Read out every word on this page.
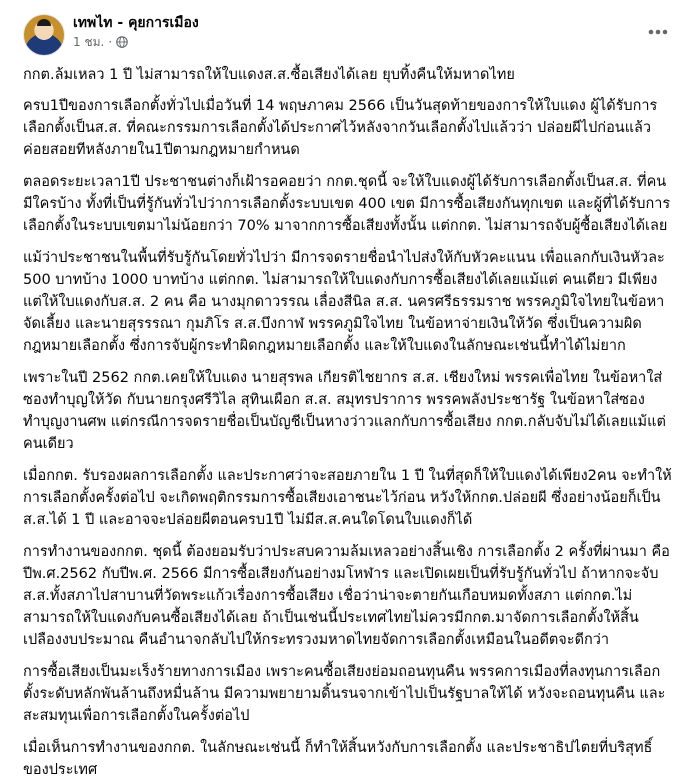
เทพไท - คุยการเมือง
1 ชม. ·

กกต.ล้มเหลว 1 ปี ไม่สามารถให้ใบแดงส.ส.ซื้อเสียงได้เลย ยุบทิ้งคืนให้มหาดไทย

ครบ1ปีของการเลือกตั้งทั่วไปเมื่อวันที่ 14 พฤษภาคม 2566 เป็นวันสุดท้ายของการให้ใบแดง ผู้ได้รับการเลือกตั้งเป็นส.ส. ที่คณะกรรมการเลือกตั้งได้ประกาศไว้หลังจากวันเลือกตั้งไปแล้วว่า ปล่อยผีไปก่อนแล้ว ค่อยสอยทีหลังภายใน1ปีตามกฎหมายกำหนด

ตลอดระยะเวลา1ปี ประชาชนต่างก็เฝ้ารอคอยว่า กกต.ชุดนี้ จะให้ใบแดงผู้ได้รับการเลือกตั้งเป็นส.ส. ที่คน มีใครบ้าง ทั้งที่เป็นที่รู้กันทั่วไปว่าการเลือกตั้งระบบเขต 400 เขต มีการซื้อเสียงกันทุกเขต และผู้ที่ได้รับการเลือกตั้งในระบบเขตมาไม่น้อยกว่า 70% มาจากการซื้อเสียงทั้งนั้น แต่กกต. ไม่สามารถจับผู้ซื้อเสียงได้เลย

แม้ว่าประชาชนในพื้นที่รับรู้กันโดยทั่วไปว่า มีการจดรายชื่อนำไปส่งให้กับหัวคะแนน เพื่อแลกกับเงินหัวละ 500 บาทบ้าง 1000 บาทบ้าง แต่กกต. ไม่สามารถให้ใบแดงกับการซื้อเสียงได้เลยแม้แต่ คนเดียว มีเพียงแต่ให้ใบแดงกับส.ส. 2 คน คือ นางมุกดาวรรณ เลื่องสีนิล ส.ส. นครศรีธรรมราช พรรคภูมิใจไทยในข้อหาจัดเลี้ยง และนายสุรรรณา กุมภิโร ส.ส.บึงกาฬ พรรคภูมิใจไทย ในข้อหาจ่ายเงินให้วัด ซึ่งเป็นความผิดกฎหมายเลือกตั้ง ซึ่งการจับผู้กระทำผิดกฎหมายเลือกตั้ง และให้ใบแดงในลักษณะเช่นนี้ทำได้ไม่ยาก

เพราะในปี 2562 กกต.เคยให้ใบแดง นายสุรพล เกียรติไชยากร ส.ส. เชียงใหม่ พรรคเพื่อไทย ในข้อหาใส่ซองทำบุญให้วัด กับนายกรุงศรีวิไล สุทินเผือก ส.ส. สมุทรปราการ พรรคพลังประชารัฐ ในข้อหาใส่ซองทำบุญงานศพ แต่กรณีการจดรายชื่อเป็นบัญชีเป็นหางว่าวแลกกับการซื้อเสียง กกต.กลับจับไม่ได้เลยแม้แต่คนเดียว

เมื่อกกต. รับรองผลการเลือกตั้ง และประกาศว่าจะสอยภายใน 1 ปี ในที่สุดก็ให้ใบแดงได้เพียง2คน จะทำให้การเลือกตั้งครั้งต่อไป จะเกิดพฤติกรรมการซื้อเสียงเอาชนะไว้ก่อน หวังให้กกต.ปล่อยผี ซึ่งอย่างน้อยก็เป็นส.ส.ได้ 1 ปี และอาจจะปล่อยผีตอนครบ1ปี ไม่มีส.ส.คนใดโดนใบแดงก็ได้

การทำงานของกกต. ชุดนี้ ต้องยอมรับว่าประสบความล้มเหลวอย่างสิ้นเชิง การเลือกตั้ง 2 ครั้งที่ผ่านมา คือปีพ.ศ.2562 กับปีพ.ศ. 2566 มีการซื้อเสียงกันอย่างมโหฬาร และเปิดเผยเป็นที่รับรู้กันทั่วไป ถ้าหากจะจับส.ส.ทั้งสภาไปสาบานที่วัดพระแก้วเรื่องการซื้อเสียง เชื่อว่าน่าจะตายกันเกือบหมดทั้งสภา แต่กกต.ไม่สามารถให้ใบแดงกับคนซื้อเสียงได้เลย ถ้าเป็นเช่นนี้ประเทศไทยไม่ควรมีกกต.มาจัดการเลือกตั้งให้สิ้นเปลืองงบประมาณ คืนอำนาจกลับไปให้กระทรวงมหาดไทยจัดการเลือกตั้งเหมือนในอดีตจะดีกว่า

การซื้อเสียงเป็นมะเร็งร้ายทางการเมือง เพราะคนซื้อเสียงย่อมถอนทุนคืน พรรคการเมืองที่ลงทุนการเลือกตั้งระดับหลักพันล้านถึงหมื่นล้าน มีความพยายามดิ้นรนจากเข้าไปเป็นรัฐบาลให้ได้ หวังจะถอนทุนคืน และสะสมทุนเพื่อการเลือกตั้งในครั้งต่อไป

เมื่อเห็นการทำงานของกกต. ในลักษณะเช่นนี้ ก็ทำให้สิ้นหวังกับการเลือกตั้ง และประชาธิปไตยที่บริสุทธิ์ของประเทศ
